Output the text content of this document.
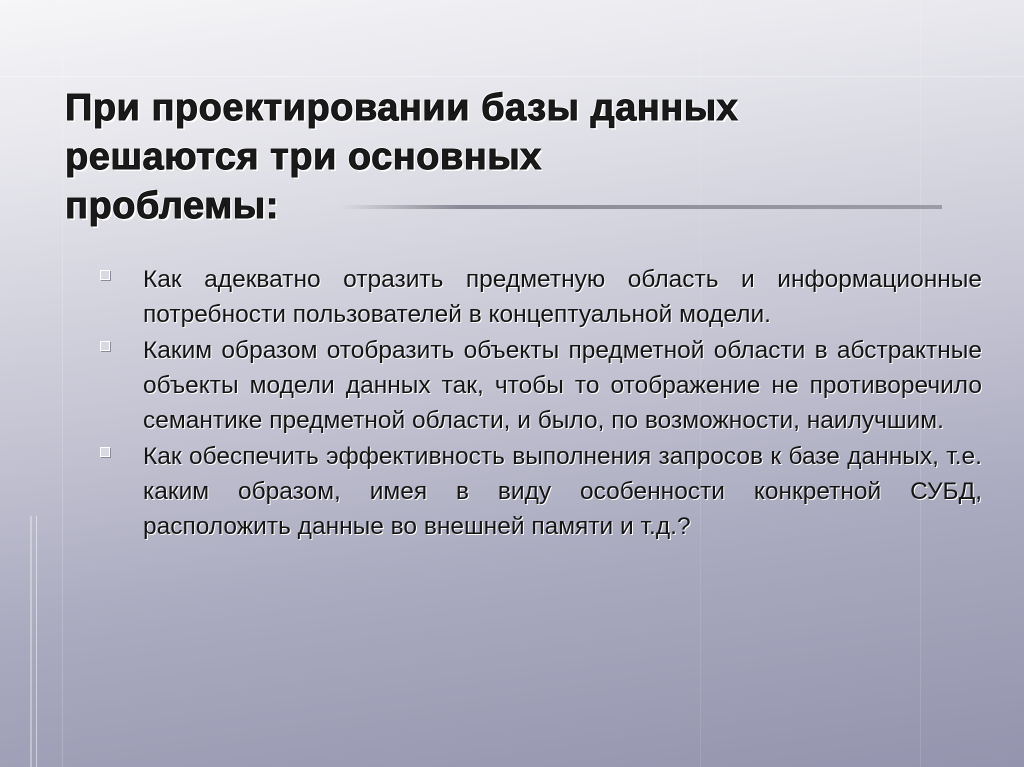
При проектировании базы данных
решаются три основных
проблемы:
Как адекватно отразить предметную область и информационные потребности пользователей в концептуальной модели.
Каким образом отобразить объекты предметной области в абстрактные объекты модели данных так, чтобы то отображение не противоречило семантике предметной области, и было, по возможности, наилучшим.
Как обеспечить эффективность выполнения запросов к базе данных, т.е. каким образом, имея в виду особенности конкретной СУБД, расположить данные во внешней памяти и т.д.?
